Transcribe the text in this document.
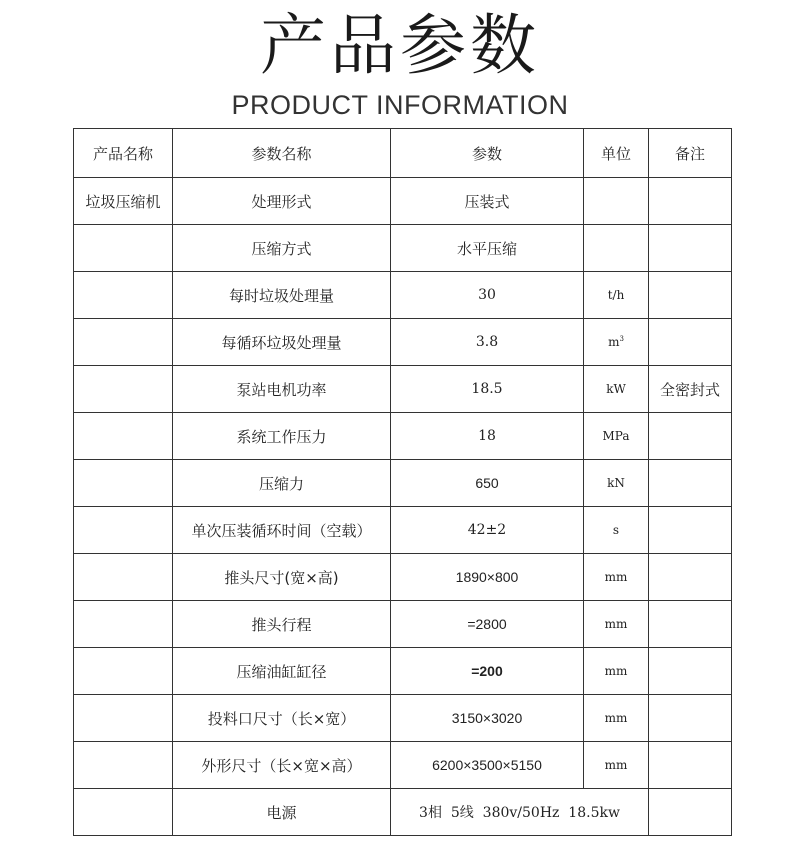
产品参数
PRODUCT INFORMATION
产品名称	参数名称	参数	单位	备注
垃圾压缩机	处理形式	压装式		
	压缩方式	水平压缩		
	每时垃圾处理量	30	t/h	
	每循环垃圾处理量	3.8	$m^3$	
	泵站电机功率	18.5	kW	全密封式
	系统工作压力	18	MPa	
	压缩力	650	kN	
	单次压装循环时间（空载）	42±2	s	
	推头尺寸(宽×高)	1890×800	mm	
	推头行程	=2800	mm	
	压缩油缸缸径	=200	mm	
	投料口尺寸（长×宽）	3150×3020	mm	
	外形尺寸（长×宽×高）	6200×3500×5150	mm	
	电源	3相  5线  380v/50Hz  18.5kw		
